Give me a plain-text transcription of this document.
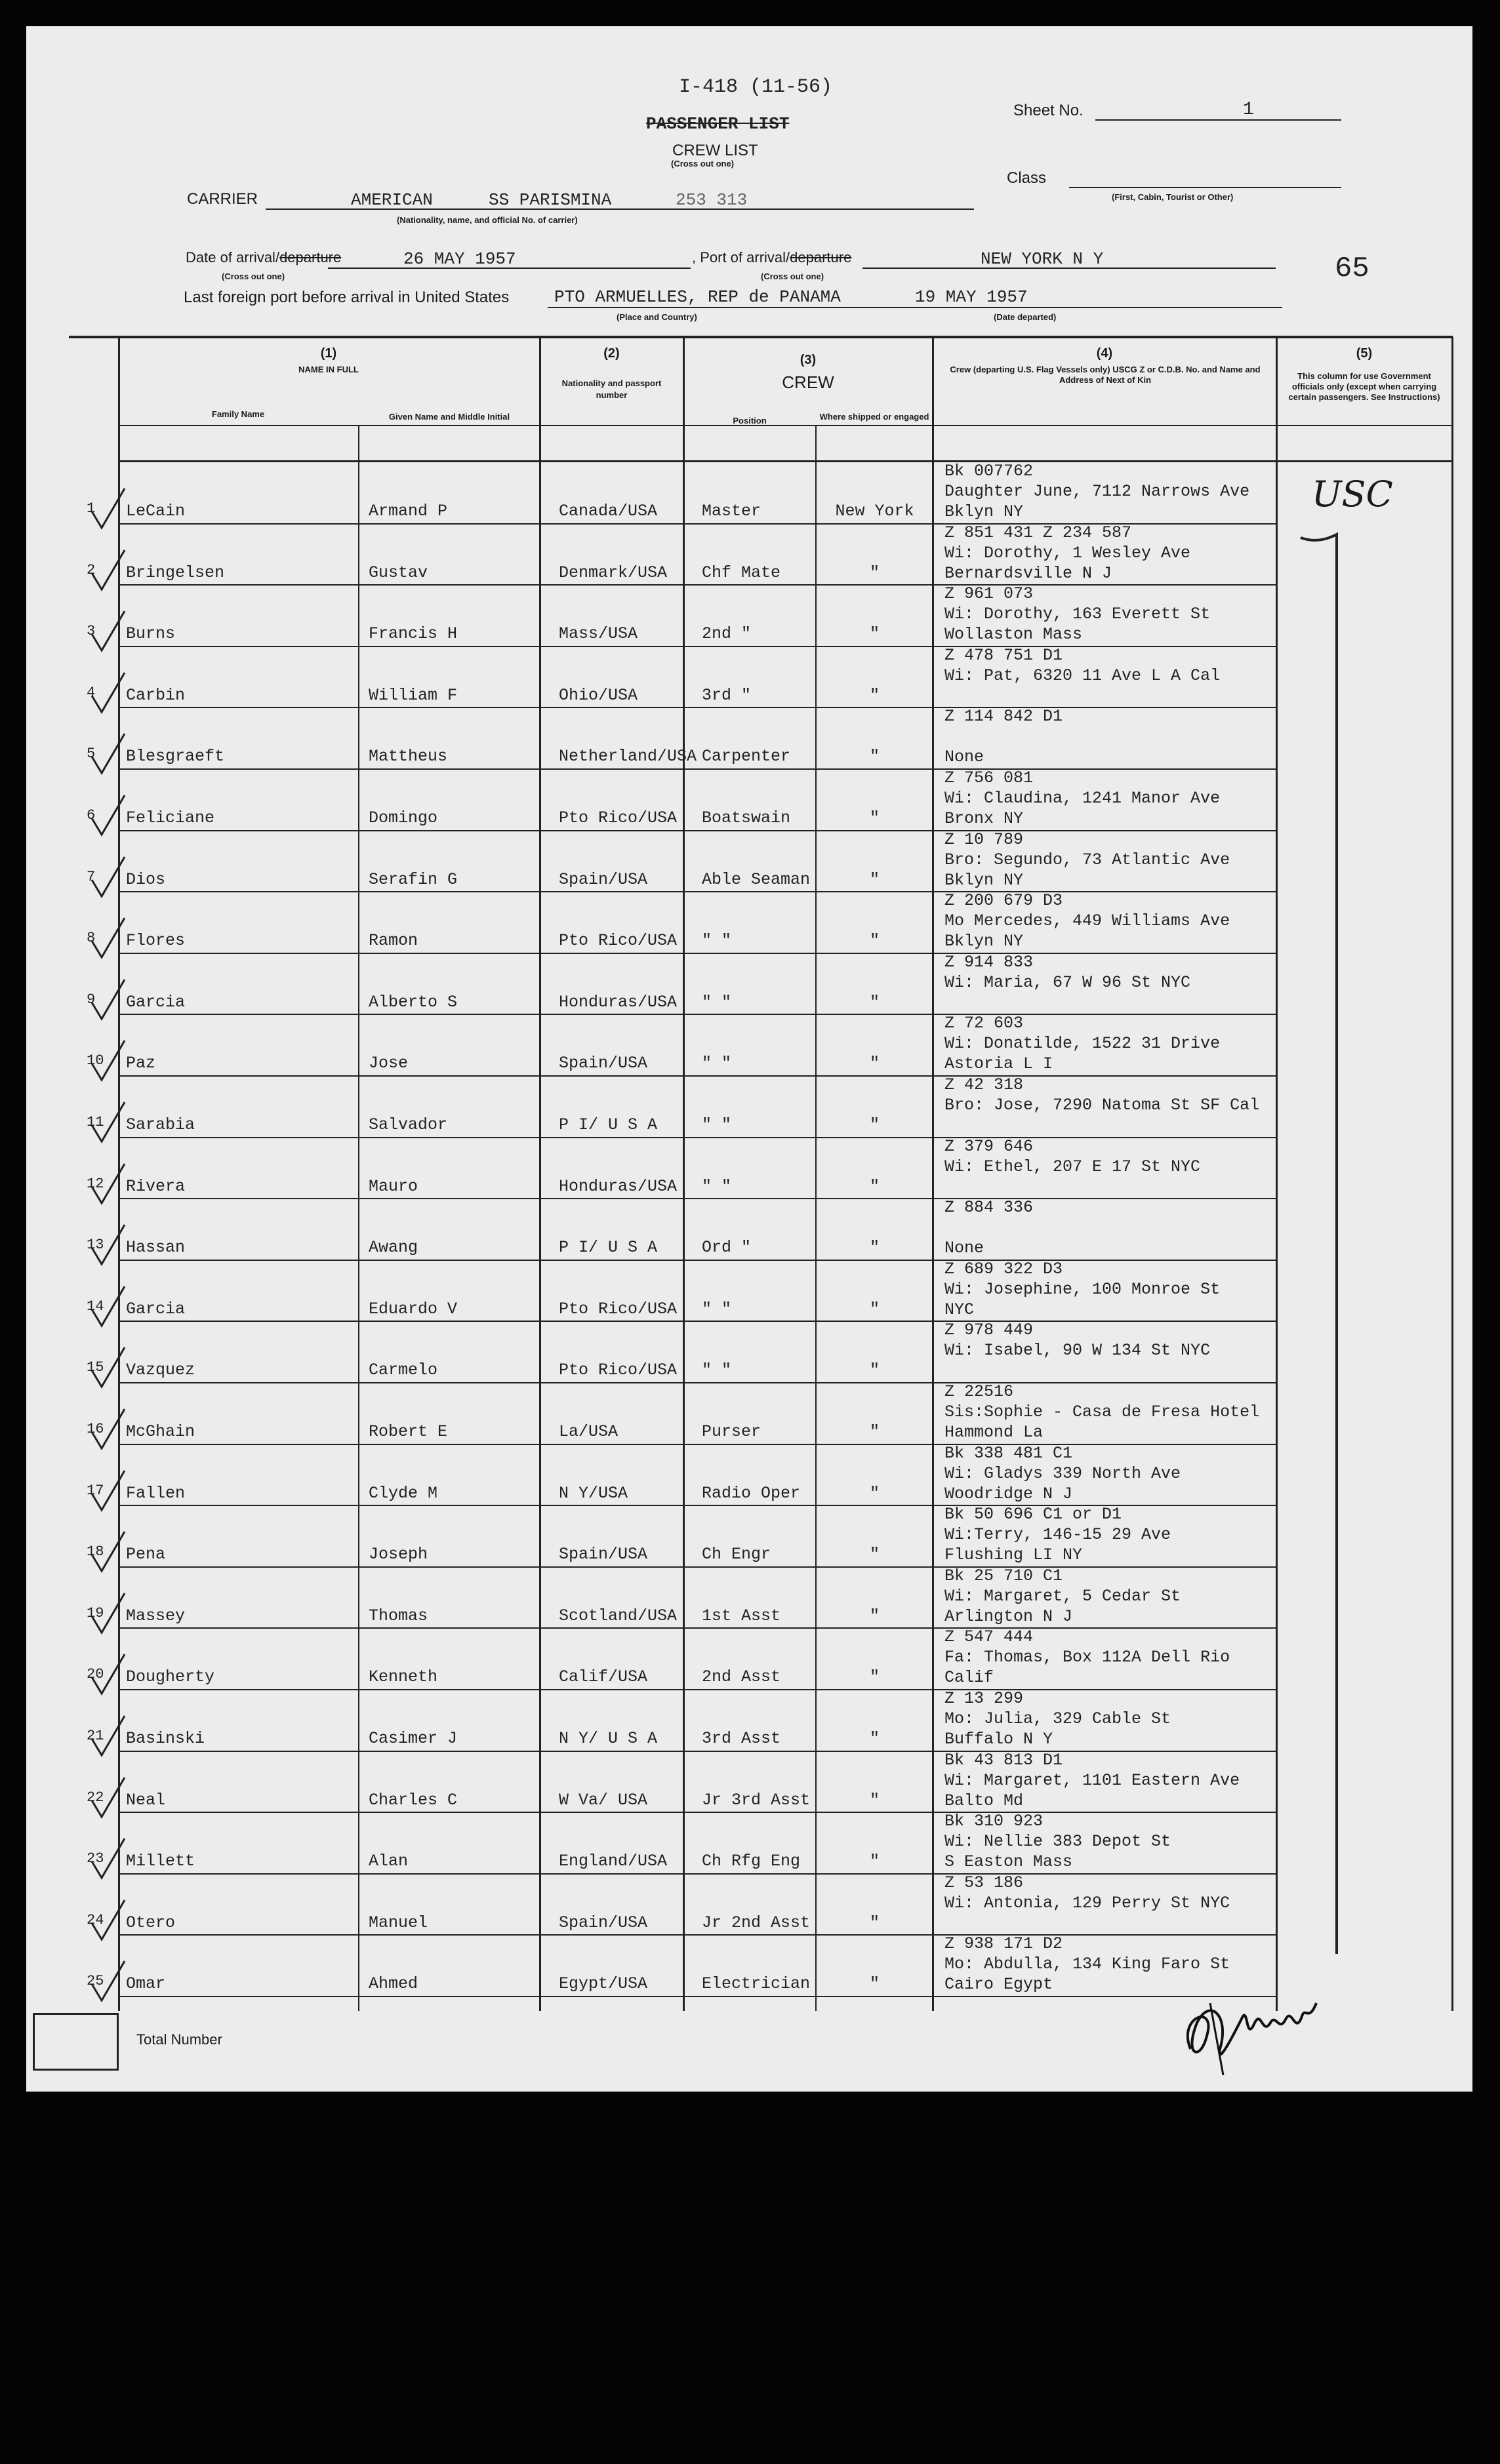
I-418 (11-56)
PASSENGER LIST
CREW LIST
(Cross out one)
Sheet No.	1
Class
(First, Cabin, Tourist or Other)
65
CARRIER	AMERICAN	SS PARISMINA	253 313
(Nationality, name, and official No. of carrier)
Date of arrival/departure	26 MAY 1957
(Cross out one)
, Port of arrival/departure	NEW YORK N Y
(Cross out one)
Last foreign port before arrival in United States	PTO ARMUELLES, REP de PANAMA	19 MAY 1957
(Place and Country)	(Date departed)
(1)
NAME IN FULL
Family Name	Given Name and Middle Initial
(2)
Nationality and passport number
(3)
CREW
Position	Where shipped or engaged
(4)
Crew (departing U.S. Flag Vessels only) USCG Z or C.D.B. No. and Name and Address of Next of Kin
(5)
This column for use Government officials only (except when carrying certain passengers. See Instructions)
USC
1 LeCain	Armand P	Canada/USA	Master	New York
Bk 007762
Daughter June, 7112 Narrows Ave
Bklyn NY
2 Bringelsen	Gustav	Denmark/USA Chf Mate	"
Z 851 431 Z 234 587
Wi: Dorothy, 1 Wesley Ave
Bernardsville N J
3 Burns	Francis H	Mass/USA	2nd "	"
Z 961 073
Wi: Dorothy, 163 Everett St
Wollaston Mass
4 Carbin	William F	Ohio/USA	3rd "	"
Z 478 751 D1
Wi: Pat, 6320 11 Ave L A Cal
5 Blesgraeft	Mattheus	Netherland/USA Carpenter	"
Z 114 842 D1
None
6 Feliciane	Domingo	Pto Rico/USA Boatswain	"
Z 756 081
Wi: Claudina, 1241 Manor Ave
Bronx NY
7 Dios	Serafin G	Spain/USA	Able Seaman	"
Z 10 789
Bro: Segundo, 73 Atlantic Ave
Bklyn NY
8 Flores	Ramon	Pto Rico/USA " "	"
Z 200 679 D3
Mo Mercedes, 449 Williams Ave
Bklyn NY
9 Garcia	Alberto S	Honduras/USA " "	"
Z 914 833
Wi: Maria, 67 W 96 St NYC
10 Paz	Jose	Spain/USA	" "	"
Z 72 603
Wi: Donatilde, 1522 31 Drive
Astoria L I
11 Sarabia	Salvador	P I/ U S A	" "	"
Z 42 318
Bro: Jose, 7290 Natoma St SF Cal
12 Rivera	Mauro	Honduras/USA " "	"
Z 379 646
Wi: Ethel, 207 E 17 St NYC
13 Hassan	Awang	P I/ U S A	Ord "	"
Z 884 336
None
14 Garcia	Eduardo V	Pto Rico/USA " "	"
Z 689 322 D3
Wi: Josephine, 100 Monroe St
NYC
15 Vazquez	Carmelo	Pto Rico/USA " "	"
Z 978 449
Wi: Isabel, 90 W 134 St NYC
16 McGhain	Robert E	La/USA	Purser	"
Z 22516
Sis:Sophie - Casa de Fresa Hotel
Hammond La
17 Fallen	Clyde M	N Y/USA	Radio Oper	"
Bk 338 481 C1
Wi: Gladys 339 North Ave
Woodridge N J
18 Pena	Joseph	Spain/USA	Ch Engr	"
Bk 50 696 C1 or D1
Wi:Terry, 146-15 29 Ave
Flushing LI NY
19 Massey	Thomas	Scotland/USA 1st Asst	"
Bk 25 710 C1
Wi: Margaret, 5 Cedar St
Arlington N J
20 Dougherty	Kenneth	Calif/USA	2nd Asst	"
Z 547 444
Fa: Thomas, Box 112A Dell Rio
Calif
21 Basinski	Casimer J	N Y/ U S A	3rd Asst	"
Z 13 299
Mo: Julia, 329 Cable St
Buffalo N Y
22 Neal	Charles C	W Va/ USA	Jr 3rd Asst	"
Bk 43 813 D1
Wi: Margaret, 1101 Eastern Ave
Balto Md
23 Millett	Alan	England/USA Ch Rfg Eng	"
Bk 310 923
Wi: Nellie 383 Depot St
S Easton Mass
24 Otero	Manuel	Spain/USA	Jr 2nd Asst	"
Z 53 186
Wi: Antonia, 129 Perry St NYC
25 Omar	Ahmed	Egypt/USA	Electrician	"
Z 938 171 D2
Mo: Abdulla, 134 King Faro St
Cairo Egypt
Total Number
